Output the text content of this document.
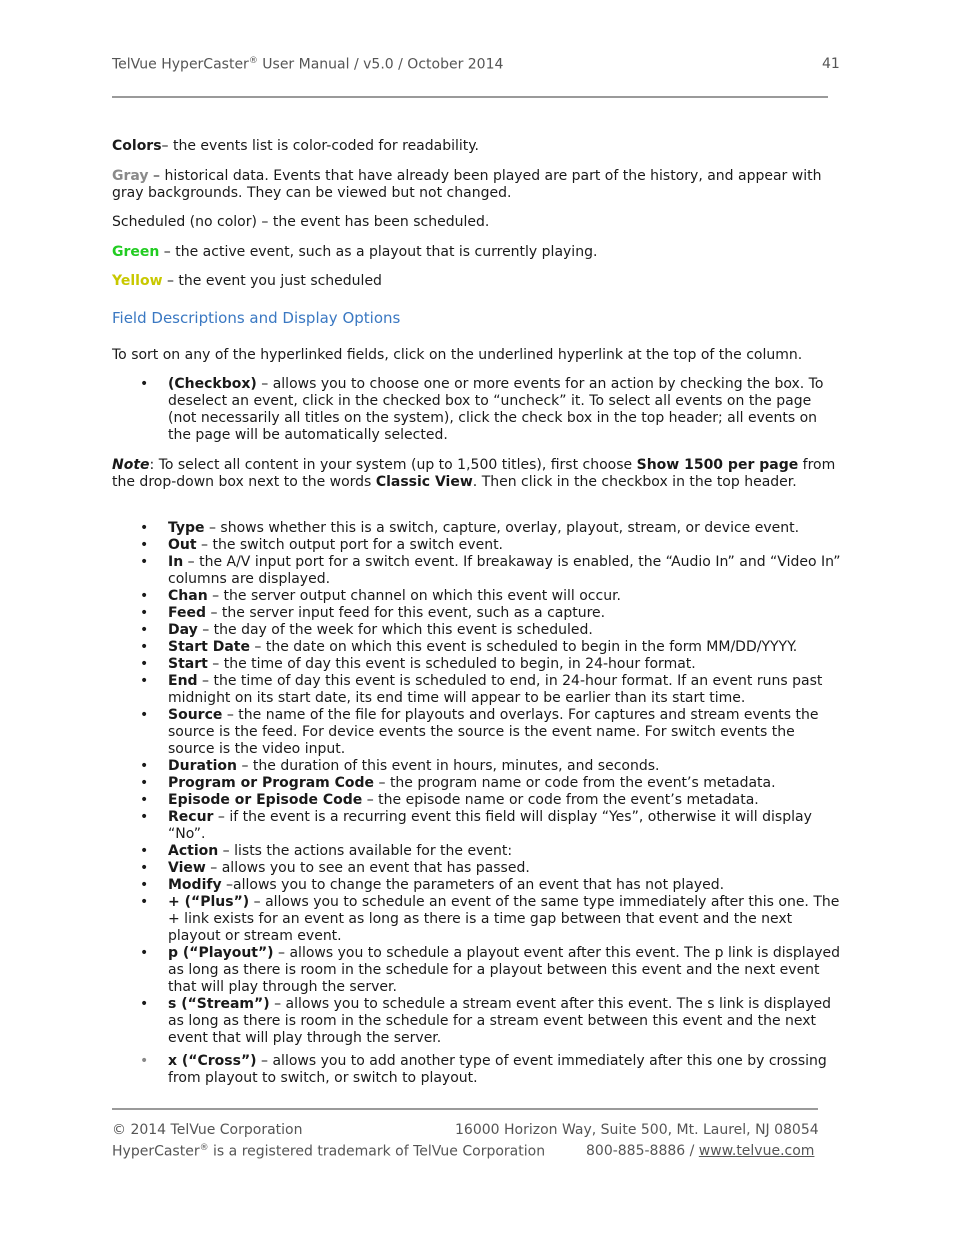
TelVue HyperCaster® User Manual / v5.0 / October 2014	41
Colors– the events list is color-coded for readability.
Gray – historical data. Events that have already been played are part of the history, and appear with gray backgrounds. They can be viewed but not changed.
Scheduled (no color) – the event has been scheduled.
Green – the active event, such as a playout that is currently playing.
Yellow – the event you just scheduled
Field Descriptions and Display Options
To sort on any of the hyperlinked fields, click on the underlined hyperlink at the top of the column.
• (Checkbox) – allows you to choose one or more events for an action by checking the box. To deselect an event, click in the checked box to “uncheck” it. To select all events on the page (not necessarily all titles on the system), click the check box in the top header; all events on the page will be automatically selected.
Note: To select all content in your system (up to 1,500 titles), first choose Show 1500 per page from the drop-down box next to the words Classic View. Then click in the checkbox in the top header.
• Type – shows whether this is a switch, capture, overlay, playout, stream, or device event.
• Out – the switch output port for a switch event.
• In – the A/V input port for a switch event. If breakaway is enabled, the “Audio In” and “Video In” columns are displayed.
• Chan – the server output channel on which this event will occur.
• Feed – the server input feed for this event, such as a capture.
• Day – the day of the week for which this event is scheduled.
• Start Date – the date on which this event is scheduled to begin in the form MM/DD/YYYY.
• Start – the time of day this event is scheduled to begin, in 24-hour format.
• End – the time of day this event is scheduled to end, in 24-hour format. If an event runs past midnight on its start date, its end time will appear to be earlier than its start time.
• Source – the name of the file for playouts and overlays. For captures and stream events the source is the feed. For device events the source is the event name. For switch events the source is the video input.
• Duration – the duration of this event in hours, minutes, and seconds.
• Program or Program Code – the program name or code from the event’s metadata.
• Episode or Episode Code – the episode name or code from the event’s metadata.
• Recur – if the event is a recurring event this field will display “Yes”, otherwise it will display “No”.
• Action – lists the actions available for the event:
• View – allows you to see an event that has passed.
• Modify –allows you to change the parameters of an event that has not played.
• + (“Plus”) – allows you to schedule an event of the same type immediately after this one. The + link exists for an event as long as there is a time gap between that event and the next playout or stream event.
• p (“Playout”) – allows you to schedule a playout event after this event. The p link is displayed as long as there is room in the schedule for a playout between this event and the next event that will play through the server.
• s (“Stream”) – allows you to schedule a stream event after this event. The s link is displayed as long as there is room in the schedule for a stream event between this event and the next event that will play through the server.
• x (“Cross”) – allows you to add another type of event immediately after this one by crossing from playout to switch, or switch to playout.
© 2014 TelVue Corporation	16000 Horizon Way, Suite 500, Mt. Laurel, NJ 08054
HyperCaster® is a registered trademark of TelVue Corporation	800-885-8886 / www.telvue.com
